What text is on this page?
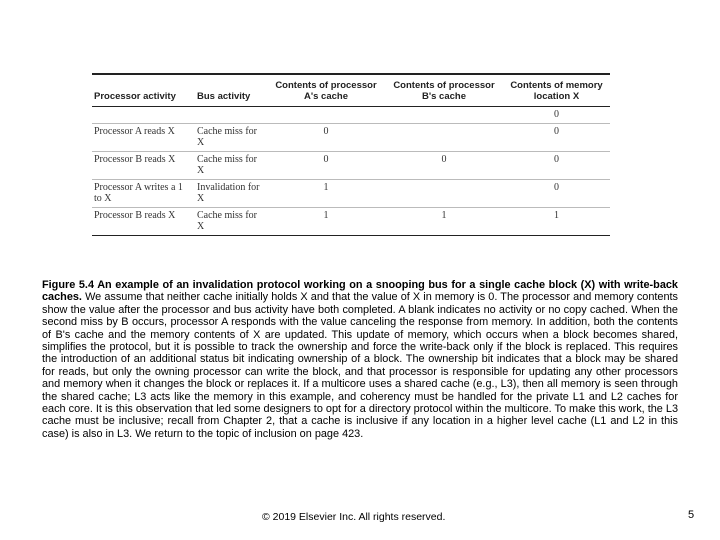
Processor activity	Bus activity	Contents of processor A's cache	Contents of processor B's cache	Contents of memory location X
				0
Processor A reads X	Cache miss for X	0		0
Processor B reads X	Cache miss for X	0	0	0
Processor A writes a 1 to X	Invalidation for X	1		0
Processor B reads X	Cache miss for X	1	1	1
Figure 5.4 An example of an invalidation protocol working on a snooping bus for a single cache block (X) with write-back caches. We assume that neither cache initially holds X and that the value of X in memory is 0. The processor and memory contents show the value after the processor and bus activity have both completed. A blank indicates no activity or no copy cached. When the second miss by B occurs, processor A responds with the value canceling the response from memory. In addition, both the contents of B's cache and the memory contents of X are updated. This update of memory, which occurs when a block becomes shared, simplifies the protocol, but it is possible to track the ownership and force the write-back only if the block is replaced. This requires the introduction of an additional status bit indicating ownership of a block. The ownership bit indicates that a block may be shared for reads, but only the owning processor can write the block, and that processor is responsible for updating any other processors and memory when it changes the block or replaces it. If a multicore uses a shared cache (e.g., L3), then all memory is seen through the shared cache; L3 acts like the memory in this example, and coherency must be handled for the private L1 and L2 caches for each core. It is this observation that led some designers to opt for a directory protocol within the multicore. To make this work, the L3 cache must be inclusive; recall from Chapter 2, that a cache is inclusive if any location in a higher level cache (L1 and L2 in this case) is also in L3. We return to the topic of inclusion on page 423.
© 2019 Elsevier Inc. All rights reserved.	5
